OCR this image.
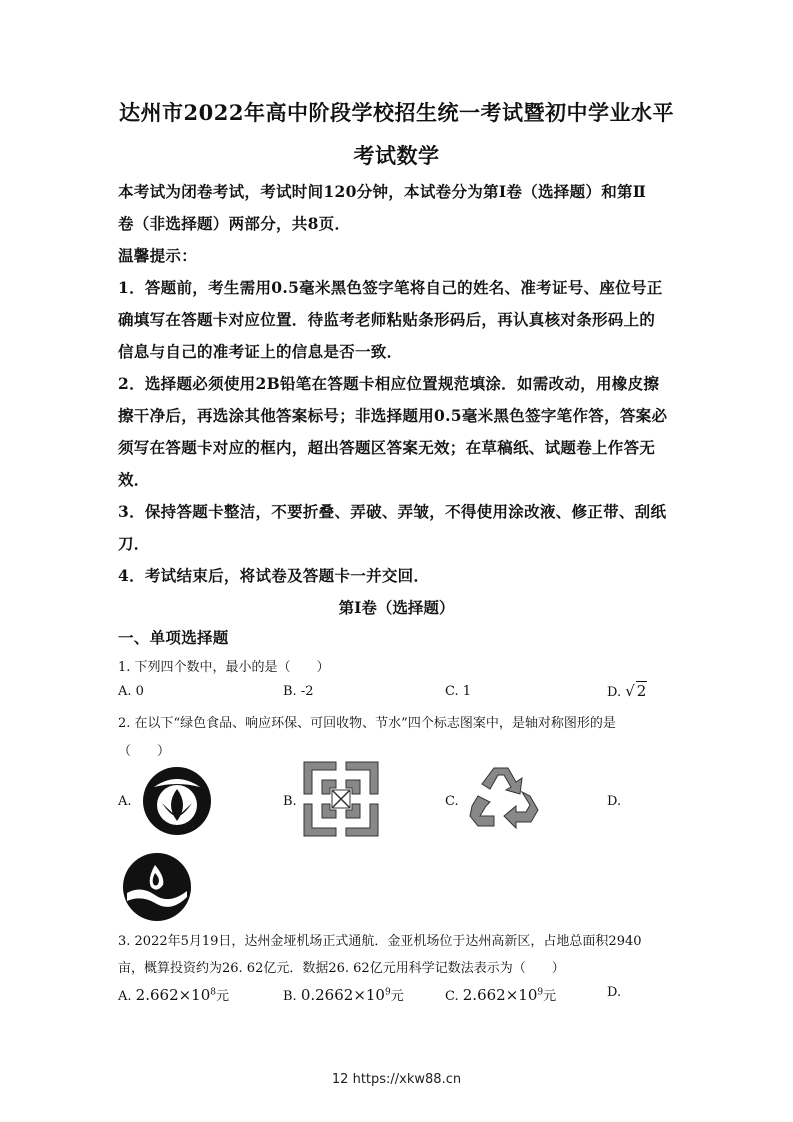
达州市2022年高中阶段学校招生统一考试暨初中学业水平
考试数学
本考试为闭卷考试，考试时间120分钟，本试卷分为第Ⅰ卷（选择题）和第Ⅱ
卷（非选择题）两部分，共8页．
温馨提示：
1．答题前，考生需用0.5毫米黑色签字笔将自己的姓名、准考证号、座位号正
确填写在答题卡对应位置．待监考老师粘贴条形码后，再认真核对条形码上的
信息与自己的准考证上的信息是否一致．
2．选择题必须使用2B铅笔在答题卡相应位置规范填涂．如需改动，用橡皮擦
擦干净后，再选涂其他答案标号；非选择题用0.5毫米黑色签字笔作答，答案必
须写在答题卡对应的框内，超出答题区答案无效；在草稿纸、试题卷上作答无
效．
3．保持答题卡整洁，不要折叠、弄破、弄皱，不得使用涂改液、修正带、刮纸
刀．
4．考试结束后，将试卷及答题卡一并交回．
第Ⅰ卷（选择题）
一、单项选择题
1. 下列四个数中，最小的是（　　）
A. 0	B. -2	C. 1	D. √ 2
2. 在以下“绿色食品、响应环保、可回收物、节水”四个标志图案中，是轴对称图形的是
（　　）
A.	B.	C.	D.
3. 2022年5月19日，达州金垭机场正式通航．金亚机场位于达州高新区，占地总面积2940
亩，概算投资约为26. 62亿元．数据26. 62亿元用科学记数法表示为（　　）
A. $2.662\times 10^8$元	B. $0.2662\times 10^9$元	C. $2.662\times 10^9$元	D.
12 https://xkw88.cn
